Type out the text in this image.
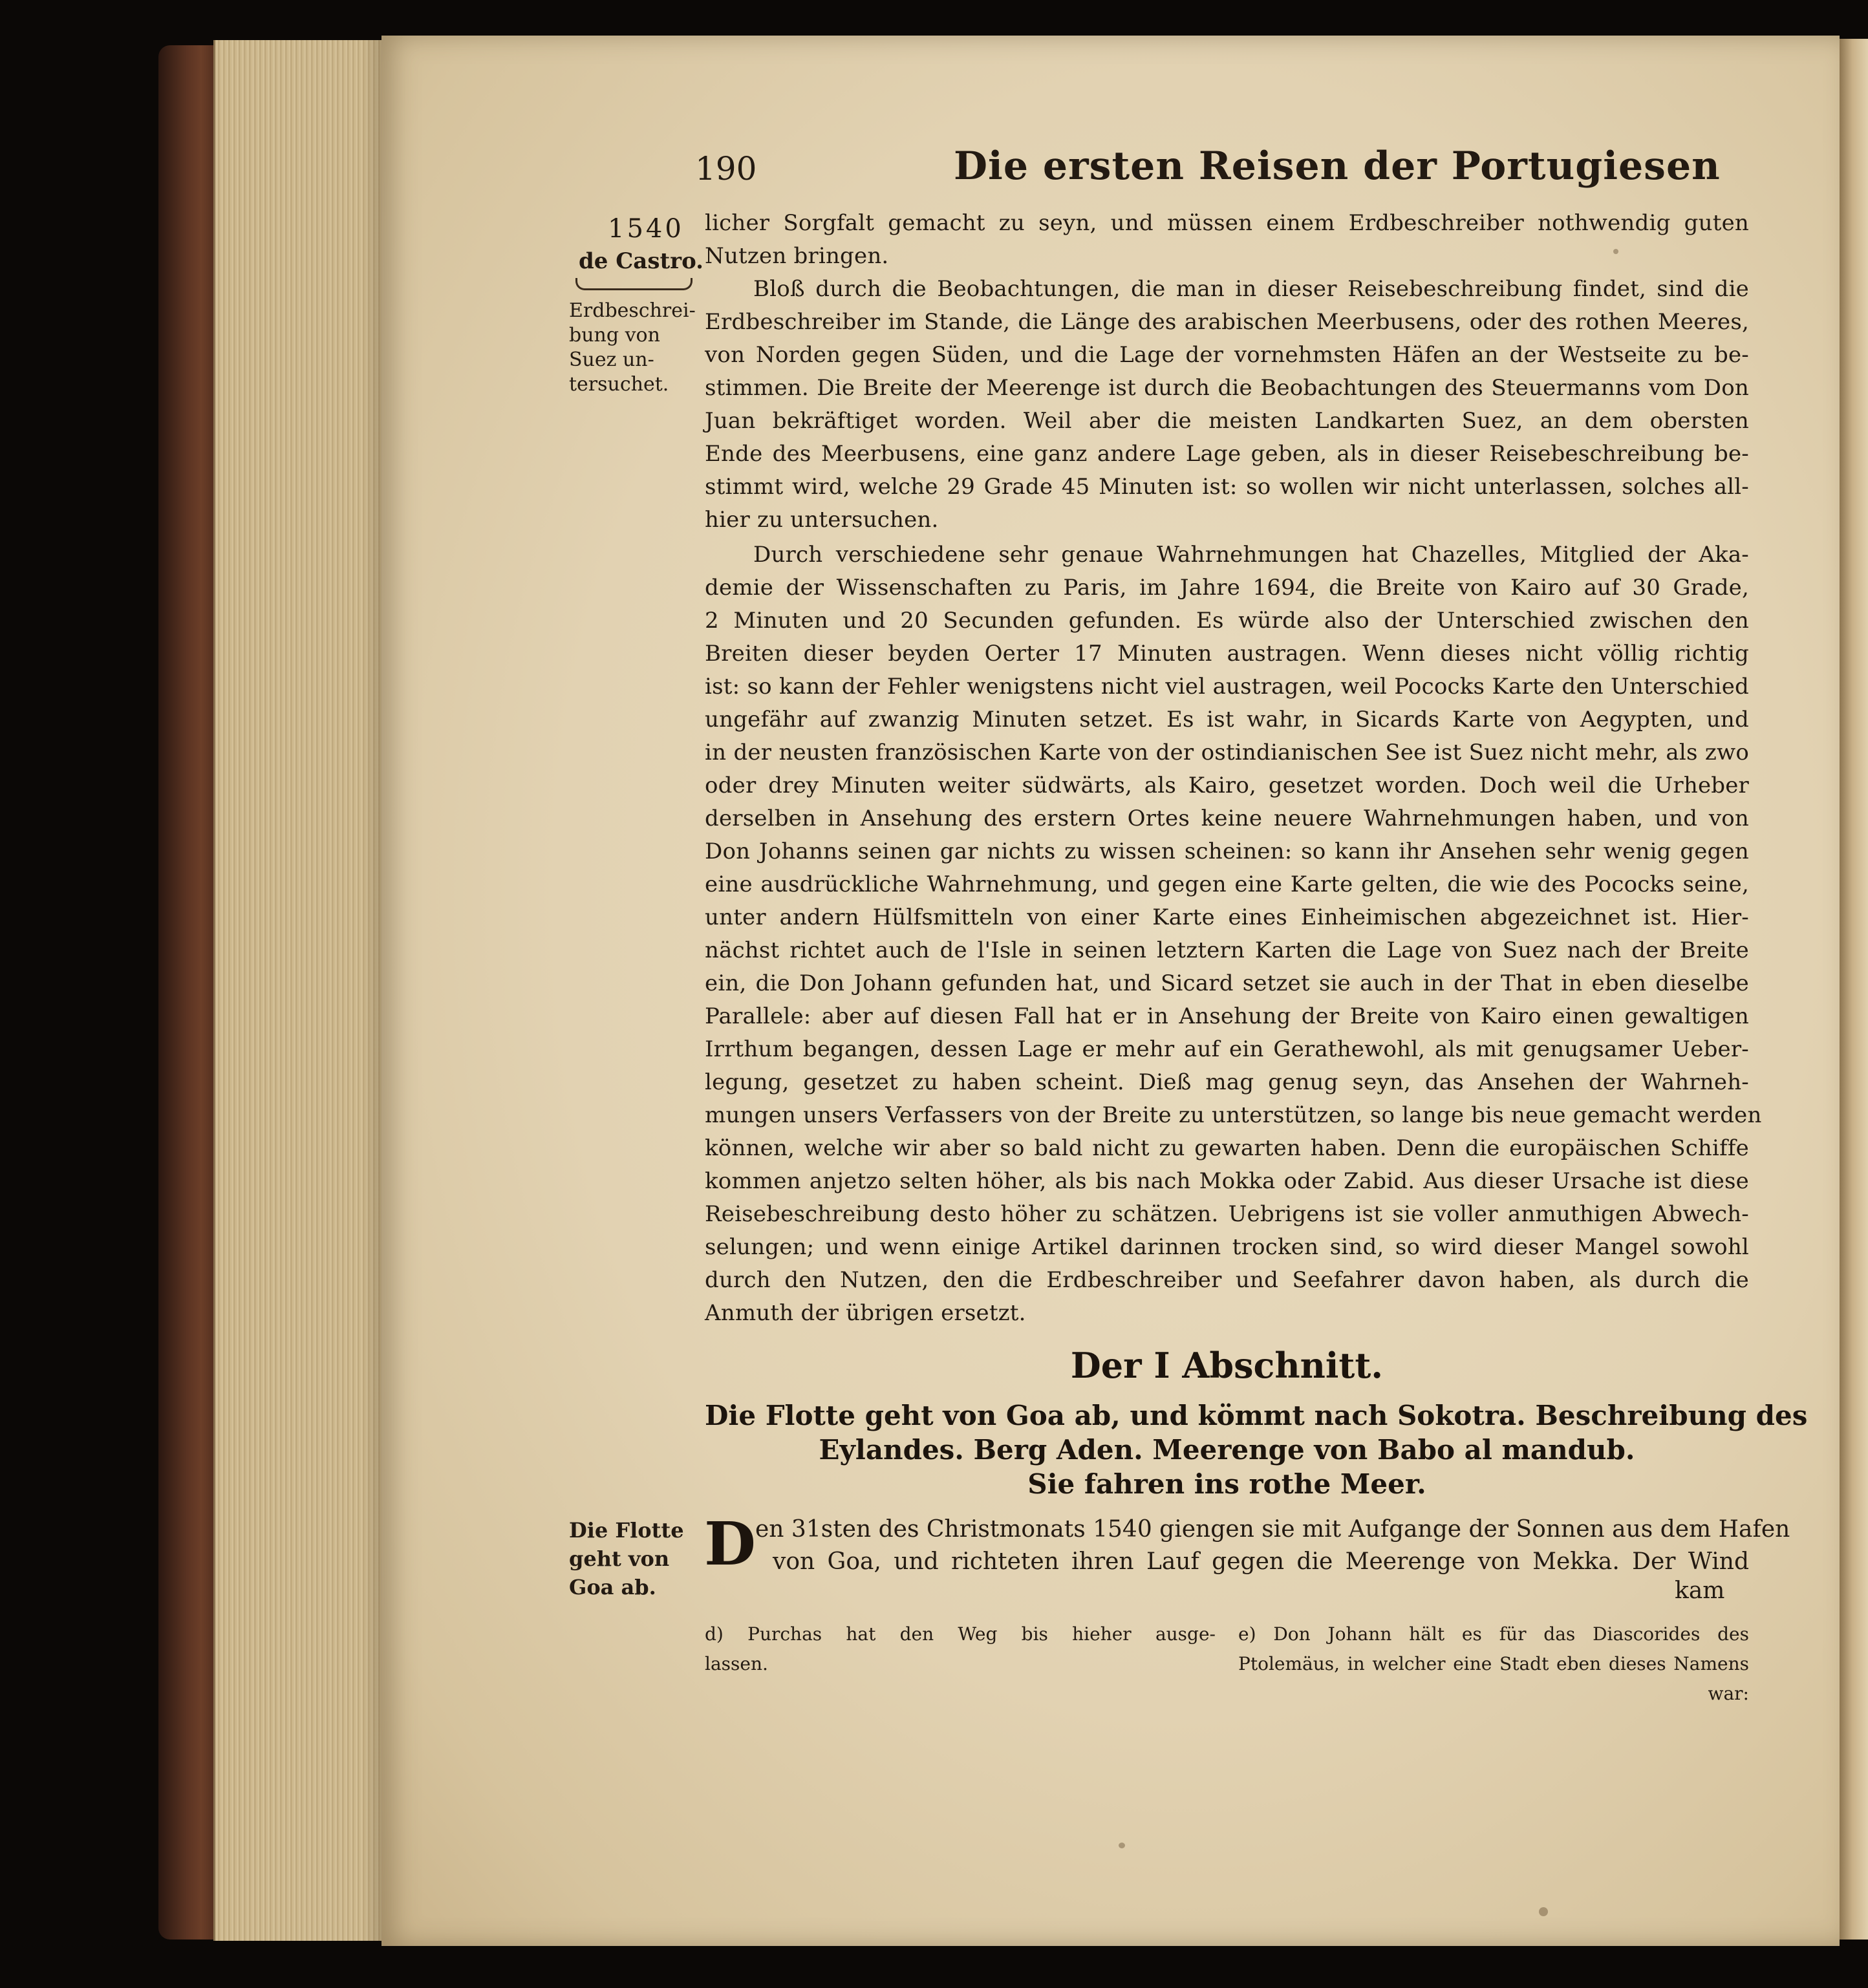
190	Die ersten Reisen der Portugiesen
1540
de Castro.
Erdbeschrei-
bung von
Suez un-
tersuchet.
Die Flotte
geht von
Goa ab.
licher Sorgfalt gemacht zu seyn, und müssen einem Erdbeschreiber nothwendig guten
Nutzen bringen.
Bloß durch die Beobachtungen, die man in dieser Reisebeschreibung findet, sind die
Erdbeschreiber im Stande, die Länge des arabischen Meerbusens, oder des rothen Meeres,
von Norden gegen Süden, und die Lage der vornehmsten Häfen an der Westseite zu be-
stimmen. Die Breite der Meerenge ist durch die Beobachtungen des Steuermanns vom Don
Juan bekräftiget worden. Weil aber die meisten Landkarten Suez, an dem obersten
Ende des Meerbusens, eine ganz andere Lage geben, als in dieser Reisebeschreibung be-
stimmt wird, welche 29 Grade 45 Minuten ist: so wollen wir nicht unterlassen, solches all-
hier zu untersuchen.
Durch verschiedene sehr genaue Wahrnehmungen hat Chazelles, Mitglied der Aka-
demie der Wissenschaften zu Paris, im Jahre 1694, die Breite von Kairo auf 30 Grade,
2 Minuten und 20 Secunden gefunden. Es würde also der Unterschied zwischen den
Breiten dieser beyden Oerter 17 Minuten austragen. Wenn dieses nicht völlig richtig
ist: so kann der Fehler wenigstens nicht viel austragen, weil Pococks Karte den Unterschied
ungefähr auf zwanzig Minuten setzet. Es ist wahr, in Sicards Karte von Aegypten, und
in der neusten französischen Karte von der ostindianischen See ist Suez nicht mehr, als zwo
oder drey Minuten weiter südwärts, als Kairo, gesetzet worden. Doch weil die Urheber
derselben in Ansehung des erstern Ortes keine neuere Wahrnehmungen haben, und von
Don Johanns seinen gar nichts zu wissen scheinen: so kann ihr Ansehen sehr wenig gegen
eine ausdrückliche Wahrnehmung, und gegen eine Karte gelten, die wie des Pococks seine,
unter andern Hülfsmitteln von einer Karte eines Einheimischen abgezeichnet ist. Hier-
nächst richtet auch de l'Isle in seinen letztern Karten die Lage von Suez nach der Breite
ein, die Don Johann gefunden hat, und Sicard setzet sie auch in der That in eben dieselbe
Parallele: aber auf diesen Fall hat er in Ansehung der Breite von Kairo einen gewaltigen
Irrthum begangen, dessen Lage er mehr auf ein Gerathewohl, als mit genugsamer Ueber-
legung, gesetzet zu haben scheint. Dieß mag genug seyn, das Ansehen der Wahrneh-
mungen unsers Verfassers von der Breite zu unterstützen, so lange bis neue gemacht werden
können, welche wir aber so bald nicht zu gewarten haben. Denn die europäischen Schiffe
kommen anjetzo selten höher, als bis nach Mokka oder Zabid. Aus dieser Ursache ist diese
Reisebeschreibung desto höher zu schätzen. Uebrigens ist sie voller anmuthigen Abwech-
selungen; und wenn einige Artikel darinnen trocken sind, so wird dieser Mangel sowohl
durch den Nutzen, den die Erdbeschreiber und Seefahrer davon haben, als durch die
Anmuth der übrigen ersetzt.
Der I Abschnitt.
Die Flotte geht von Goa ab, und kömmt nach Sokotra. Beschreibung des
Eylandes. Berg Aden. Meerenge von Babo al mandub.
Sie fahren ins rothe Meer.
D en 31sten des Christmonats 1540 giengen sie mit Aufgange der Sonnen aus dem Hafen
von Goa, und richteten ihren Lauf gegen die Meerenge von Mekka. Der Wind
kam
d) Purchas hat den Weg bis hieher ausge-
lassen.
e) Don Johann hält es für das Diascorides des
Ptolemäus, in welcher eine Stadt eben dieses Namens
war:
